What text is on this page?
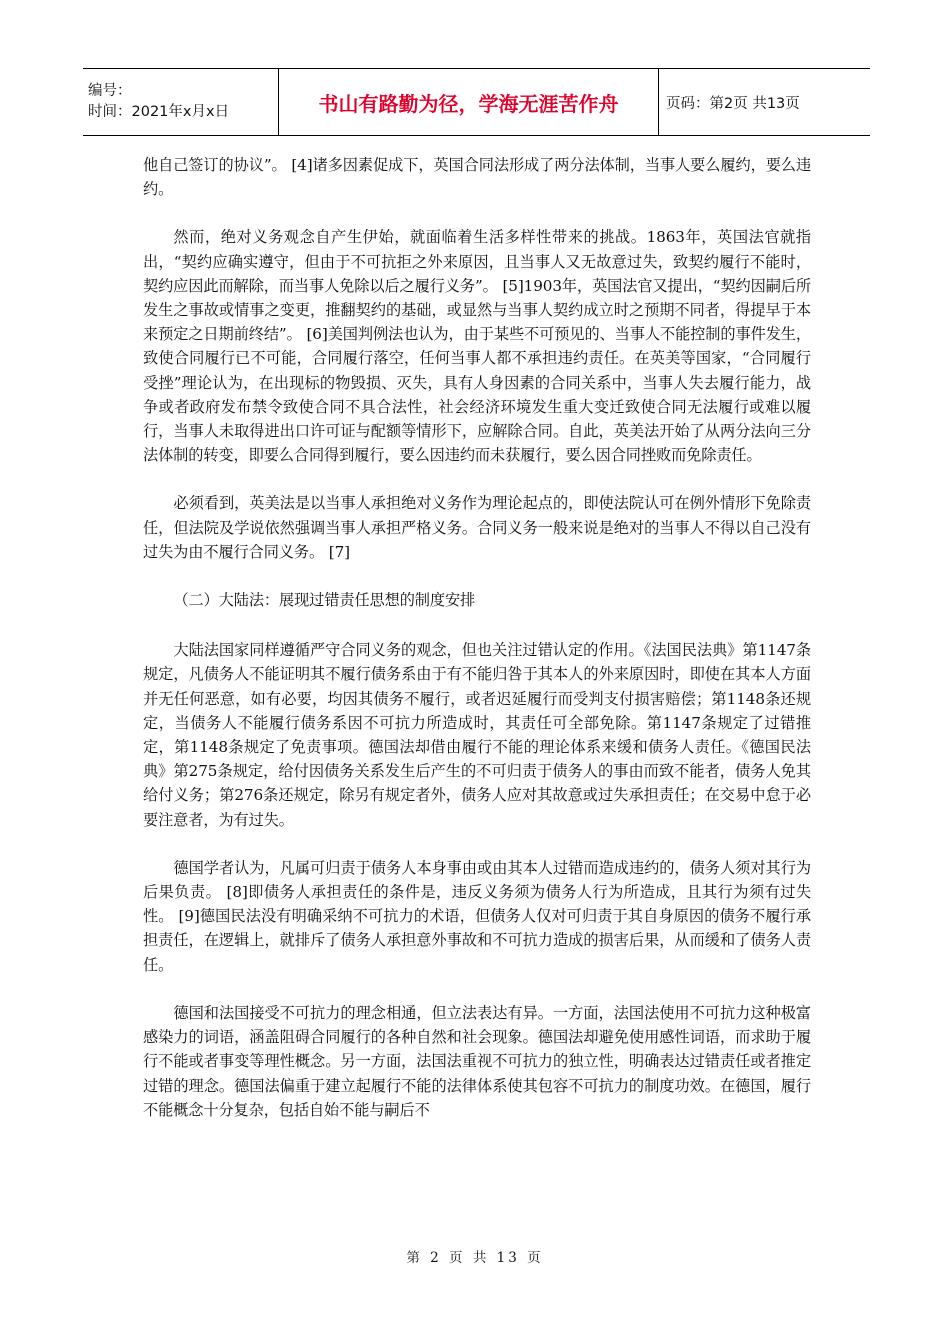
编号：
时间：2021年x月x日	书山有路勤为径，学海无涯苦作舟	页码：第2页 共13页

他自己签订的协议”。 [4]诸多因素促成下，英国合同法形成了两分法体制，当事人要么履约，要么违约。

然而，绝对义务观念自产生伊始，就面临着生活多样性带来的挑战。1863年，英国法官就指出，“契约应确实遵守，但由于不可抗拒之外来原因，且当事人又无故意过失，致契约履行不能时，契约应因此而解除，而当事人免除以后之履行义务”。 [5]1903年，英国法官又提出，“契约因嗣后所发生之事故或情事之变更，推翻契约的基础，或显然与当事人契约成立时之预期不同者，得提早于本来预定之日期前终结”。 [6]美国判例法也认为，由于某些不可预见的、当事人不能控制的事件发生，致使合同履行已不可能，合同履行落空，任何当事人都不承担违约责任。在英美等国家，“合同履行受挫”理论认为，在出现标的物毁损、灭失，具有人身因素的合同关系中，当事人失去履行能力，战争或者政府发布禁令致使合同不具合法性，社会经济环境发生重大变迁致使合同无法履行或难以履行，当事人未取得进出口许可证与配额等情形下，应解除合同。自此，英美法开始了从两分法向三分法体制的转变，即要么合同得到履行，要么因违约而未获履行，要么因合同挫败而免除责任。

必须看到，英美法是以当事人承担绝对义务作为理论起点的，即使法院认可在例外情形下免除责任，但法院及学说依然强调当事人承担严格义务。合同义务一般来说是绝对的当事人不得以自己没有过失为由不履行合同义务。 [7]

（二）大陆法：展现过错责任思想的制度安排

大陆法国家同样遵循严守合同义务的观念，但也关注过错认定的作用。《法国民法典》第1147条规定，凡债务人不能证明其不履行债务系由于有不能归咎于其本人的外来原因时，即使在其本人方面并无任何恶意，如有必要，均因其债务不履行，或者迟延履行而受判支付损害赔偿；第1148条还规定，当债务人不能履行债务系因不可抗力所造成时，其责任可全部免除。第1147条规定了过错推定，第1148条规定了免责事项。德国法却借由履行不能的理论体系来缓和债务人责任。《德国民法典》第275条规定，给付因债务关系发生后产生的不可归责于债务人的事由而致不能者，债务人免其给付义务；第276条还规定，除另有规定者外，债务人应对其故意或过失承担责任；在交易中怠于必要注意者，为有过失。

德国学者认为，凡属可归责于债务人本身事由或由其本人过错而造成违约的，债务人须对其行为后果负责。 [8]即债务人承担责任的条件是，违反义务须为债务人行为所造成，且其行为须有过失性。 [9]德国民法没有明确采纳不可抗力的术语，但债务人仅对可归责于其自身原因的债务不履行承担责任，在逻辑上，就排斥了债务人承担意外事故和不可抗力造成的损害后果，从而缓和了债务人责任。

德国和法国接受不可抗力的理念相通，但立法表达有异。一方面，法国法使用不可抗力这种极富感染力的词语，涵盖阻碍合同履行的各种自然和社会现象。德国法却避免使用感性词语，而求助于履行不能或者事变等理性概念。另一方面，法国法重视不可抗力的独立性，明确表达过错责任或者推定过错的理念。德国法偏重于建立起履行不能的法律体系使其包容不可抗力的制度功效。在德国，履行不能概念十分复杂，包括自始不能与嗣后不

第 2 页 共 13 页
